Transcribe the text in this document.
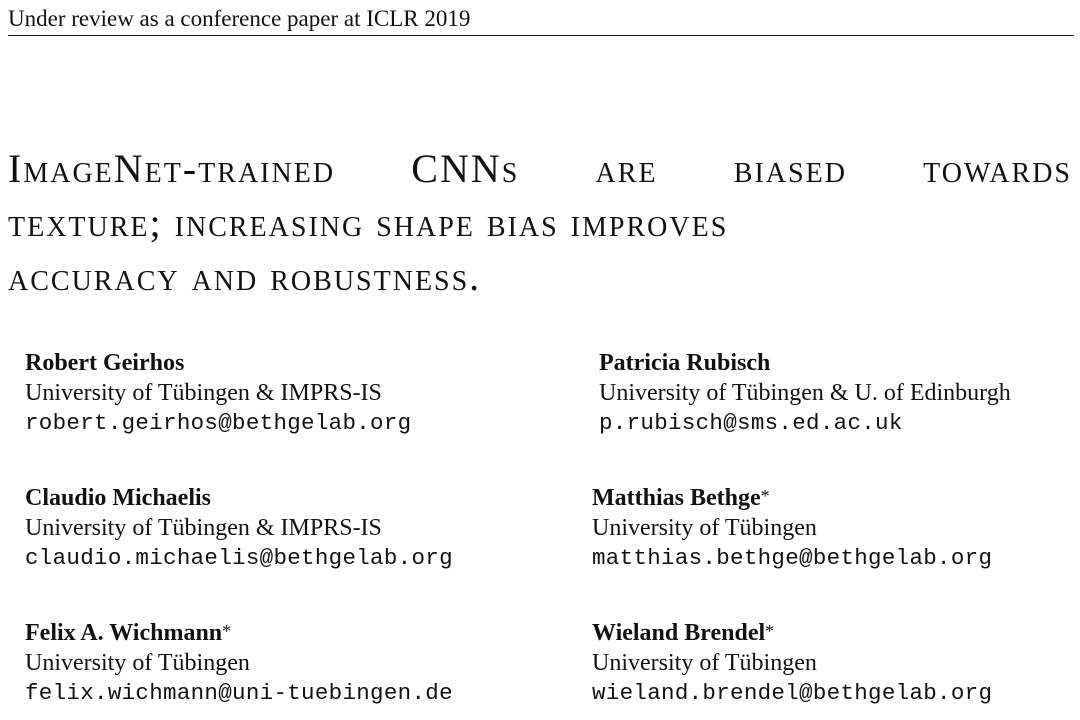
Under review as a conference paper at ICLR 2019
ImageNet-trained CNNs are biased towards
texture; increasing shape bias improves
accuracy and robustness.
Robert Geirhos
University of Tübingen & IMPRS-IS
robert.geirhos@bethgelab.org
Claudio Michaelis
University of Tübingen & IMPRS-IS
claudio.michaelis@bethgelab.org
Felix A. Wichmann*
University of Tübingen
felix.wichmann@uni-tuebingen.de
Patricia Rubisch
University of Tübingen & U. of Edinburgh
p.rubisch@sms.ed.ac.uk
Matthias Bethge*
University of Tübingen
matthias.bethge@bethgelab.org
Wieland Brendel*
University of Tübingen
wieland.brendel@bethgelab.org
